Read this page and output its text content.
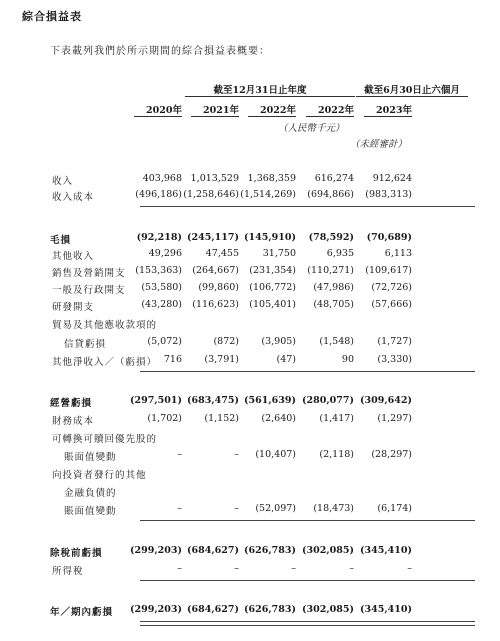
綜合損益表
下表載列我們於所示期間的綜合損益表概要：
截至12月31日止年度	截至6月30日止六個月
2020年	2021年	2022年	2022年	2023年
（人民幣千元）
（未經審計）
收入	403,968 1,013,529 1,368,359 616,274 912,624
收入成本	(496,186) (1,258,646) (1,514,269) (694,866) (983,313)
毛損	(92,218) (245,117) (145,910) (78,592) (70,689)
其他收入	49,296	47,455	31,750	6,935	6,113
銷售及營銷開支 (153,363) (264,667) (231,354) (110,271) (109,617)
一般及行政開支 (53,580) (99,860) (106,772) (47,986) (72,726)
研發開支	(43,280) (116,623) (105,401) (48,705) (57,666)
貿易及其他應收款項的
信貸虧損	(5,072)	(872) (3,905) (1,548) (1,727)
其他淨收入／（虧損） 716 (3,791)	(47)	90 (3,330)
經營虧損	(297,501) (683,475) (561,639) (280,077) (309,642)
財務成本	(1,702) (1,152) (2,640) (1,417) (1,297)
可轉換可贖回優先股的
賬面值變動	–	– (10,407) (2,118) (28,297)
向投資者發行的其他
金融負債的
賬面值變動	–	– (52,097) (18,473) (6,174)
除稅前虧損	(299,203) (684,627) (626,783) (302,085) (345,410)
所得稅	–	–	–	–	–
年／期內虧損 (299,203) (684,627) (626,783) (302,085) (345,410)
